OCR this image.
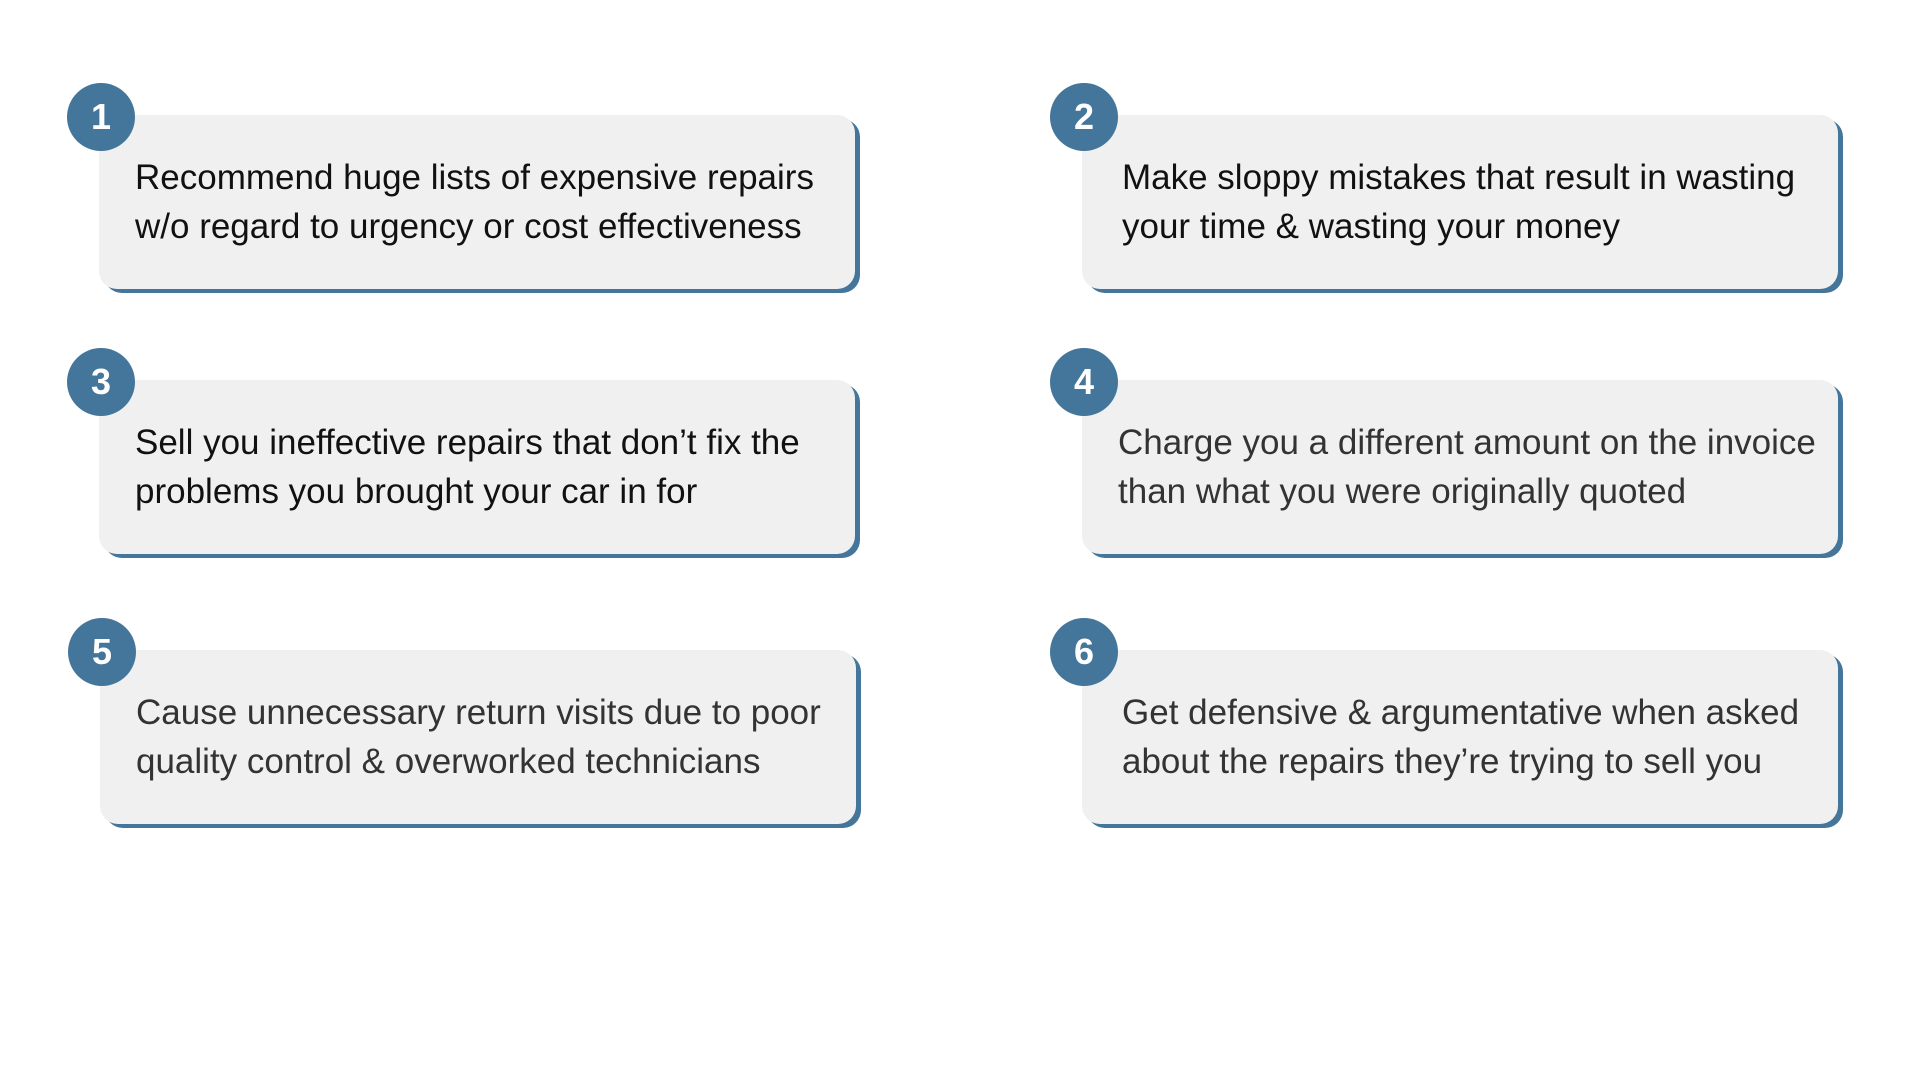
1

Recommend huge lists of expensive repairs w/o regard to urgency or cost effectiveness

2

Make sloppy mistakes that result in wasting your time & wasting your money

3

Sell you ineffective repairs that don’t fix the problems you brought your car in for

4

Charge you a different amount on the invoice than what you were originally quoted

5

Cause unnecessary return visits due to poor quality control & overworked technicians

6

Get defensive & argumentative when asked about the repairs they’re trying to sell you
